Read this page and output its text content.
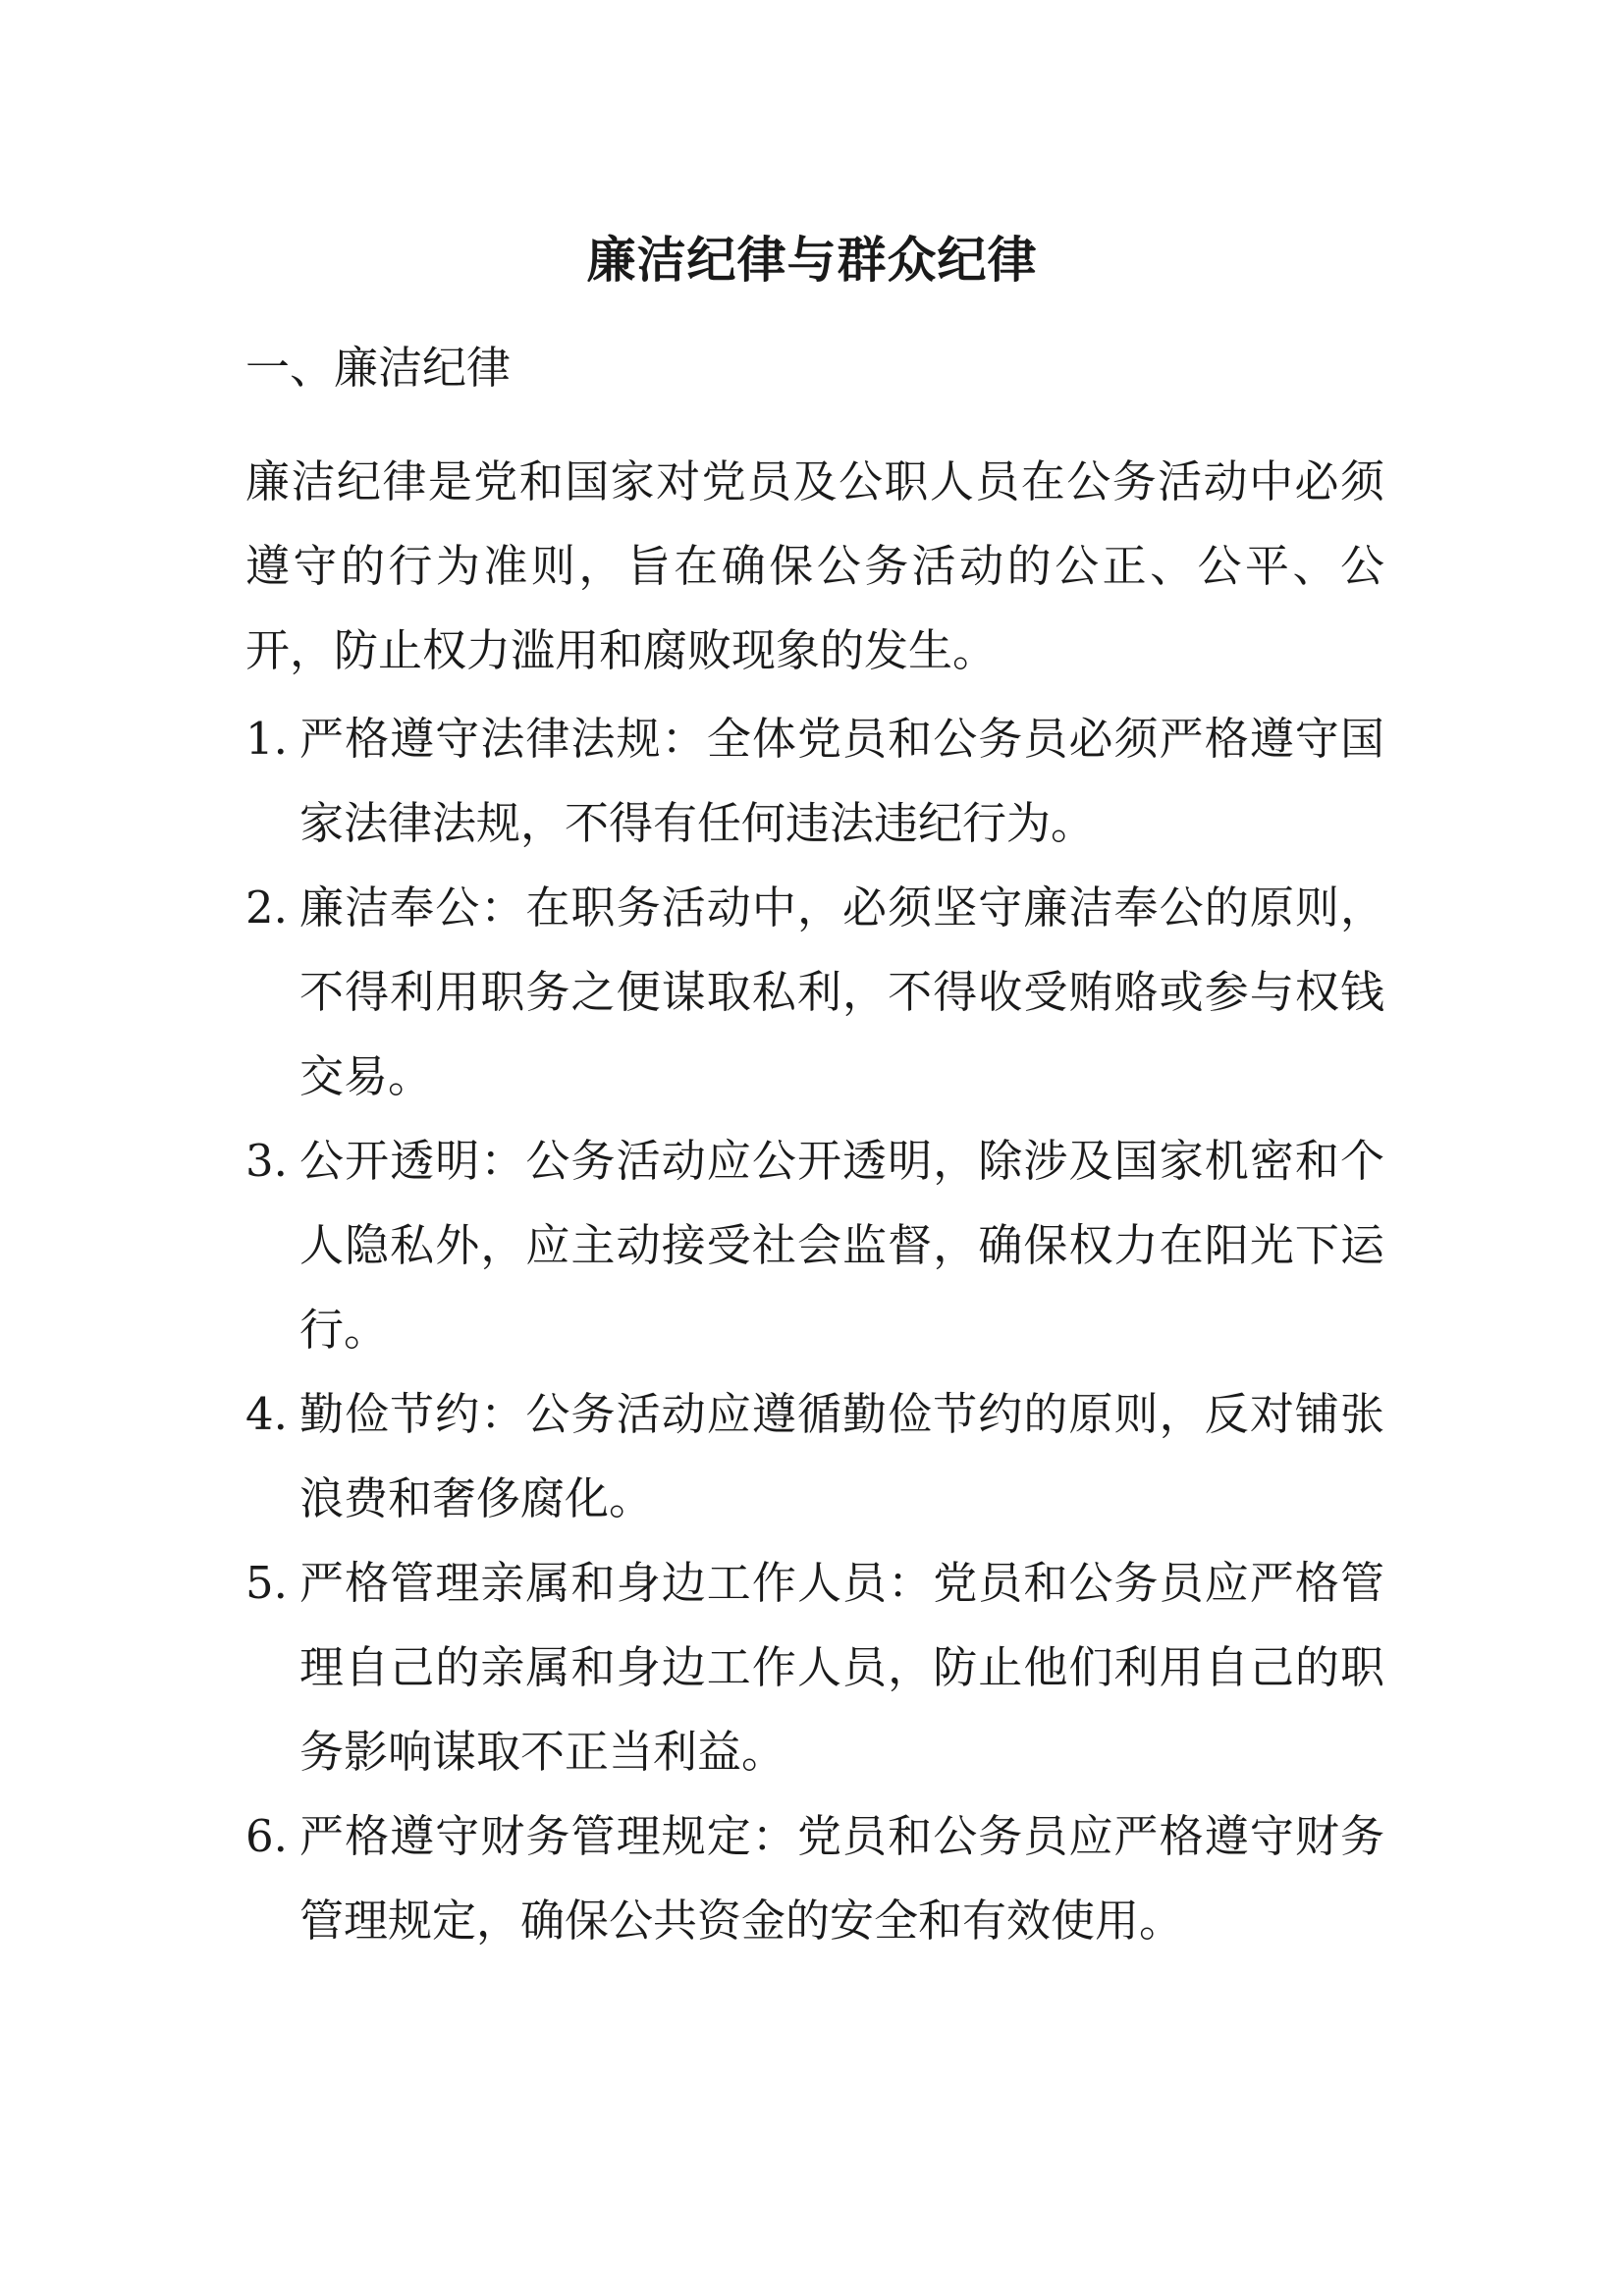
廉洁纪律与群众纪律
一、廉洁纪律
廉洁纪律是党和国家对党员及公职人员在公务活动中必须遵守的行为准则，旨在确保公务活动的公正、公平、公开，防止权力滥用和腐败现象的发生。
1. 严格遵守法律法规：全体党员和公务员必须严格遵守国家法律法规，不得有任何违法违纪行为。
2. 廉洁奉公：在职务活动中，必须坚守廉洁奉公的原则，不得利用职务之便谋取私利，不得收受贿赂或参与权钱交易。
3. 公开透明：公务活动应公开透明，除涉及国家机密和个人隐私外，应主动接受社会监督，确保权力在阳光下运行。
4. 勤俭节约：公务活动应遵循勤俭节约的原则，反对铺张浪费和奢侈腐化。
5. 严格管理亲属和身边工作人员：党员和公务员应严格管理自己的亲属和身边工作人员，防止他们利用自己的职务影响谋取不正当利益。
6. 严格遵守财务管理规定：党员和公务员应严格遵守财务管理规定，确保公共资金的安全和有效使用。
